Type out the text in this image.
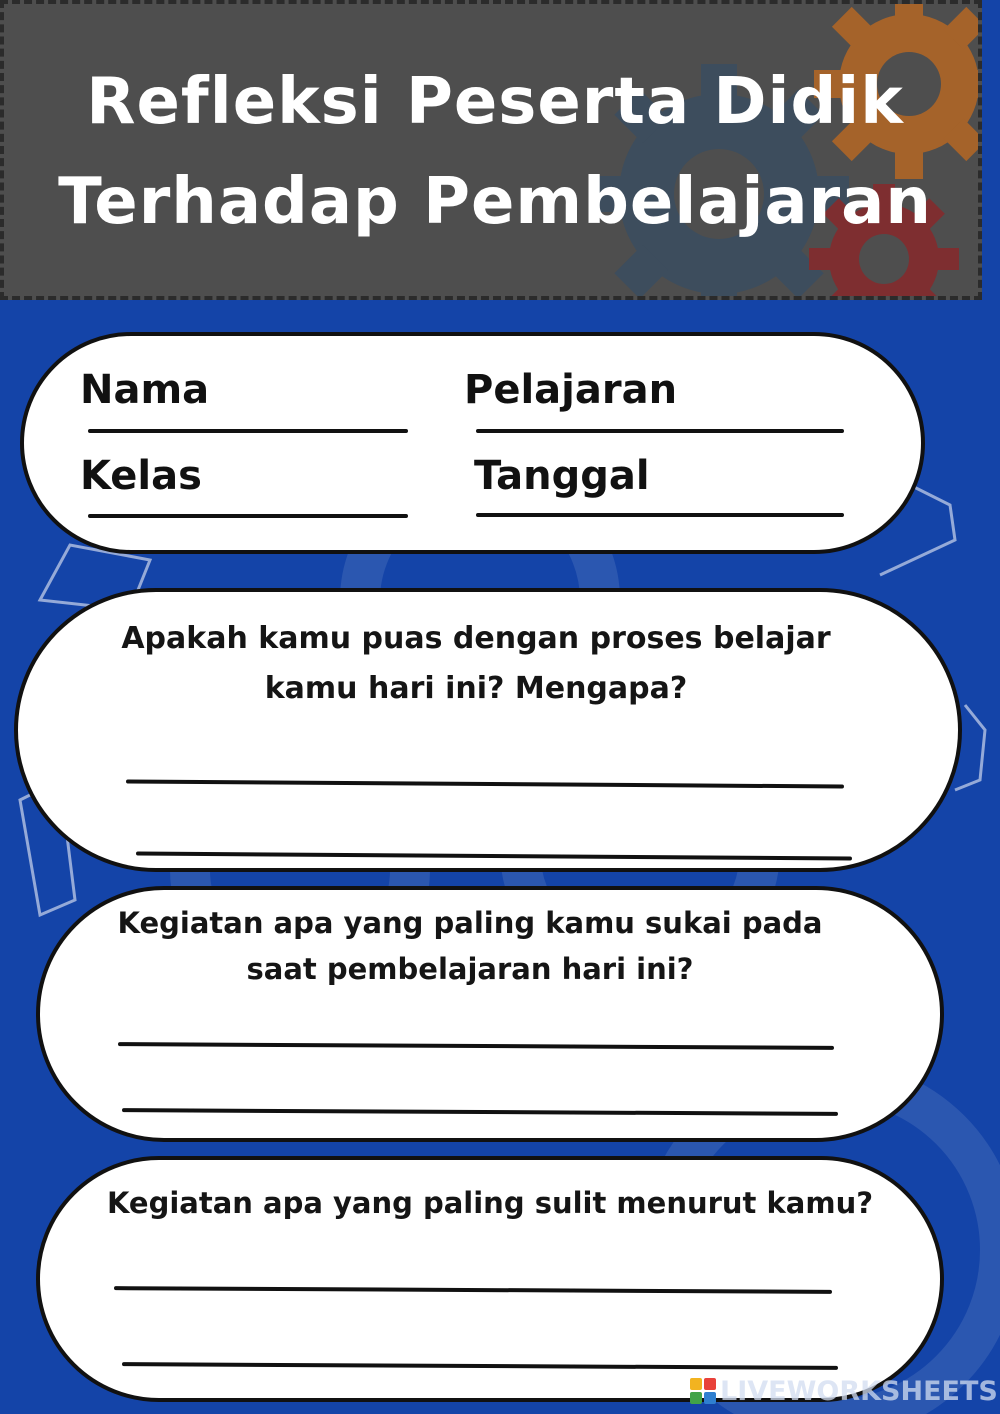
Refleksi Peserta Didik
Terhadap Pembelajaran
Nama	Pelajaran
Kelas	Tanggal
Apakah kamu puas dengan proses belajar
kamu hari ini? Mengapa?
Kegiatan apa yang paling kamu sukai pada
saat pembelajaran hari ini?
Kegiatan apa yang paling sulit menurut kamu?
LIVEWORKSHEETS
